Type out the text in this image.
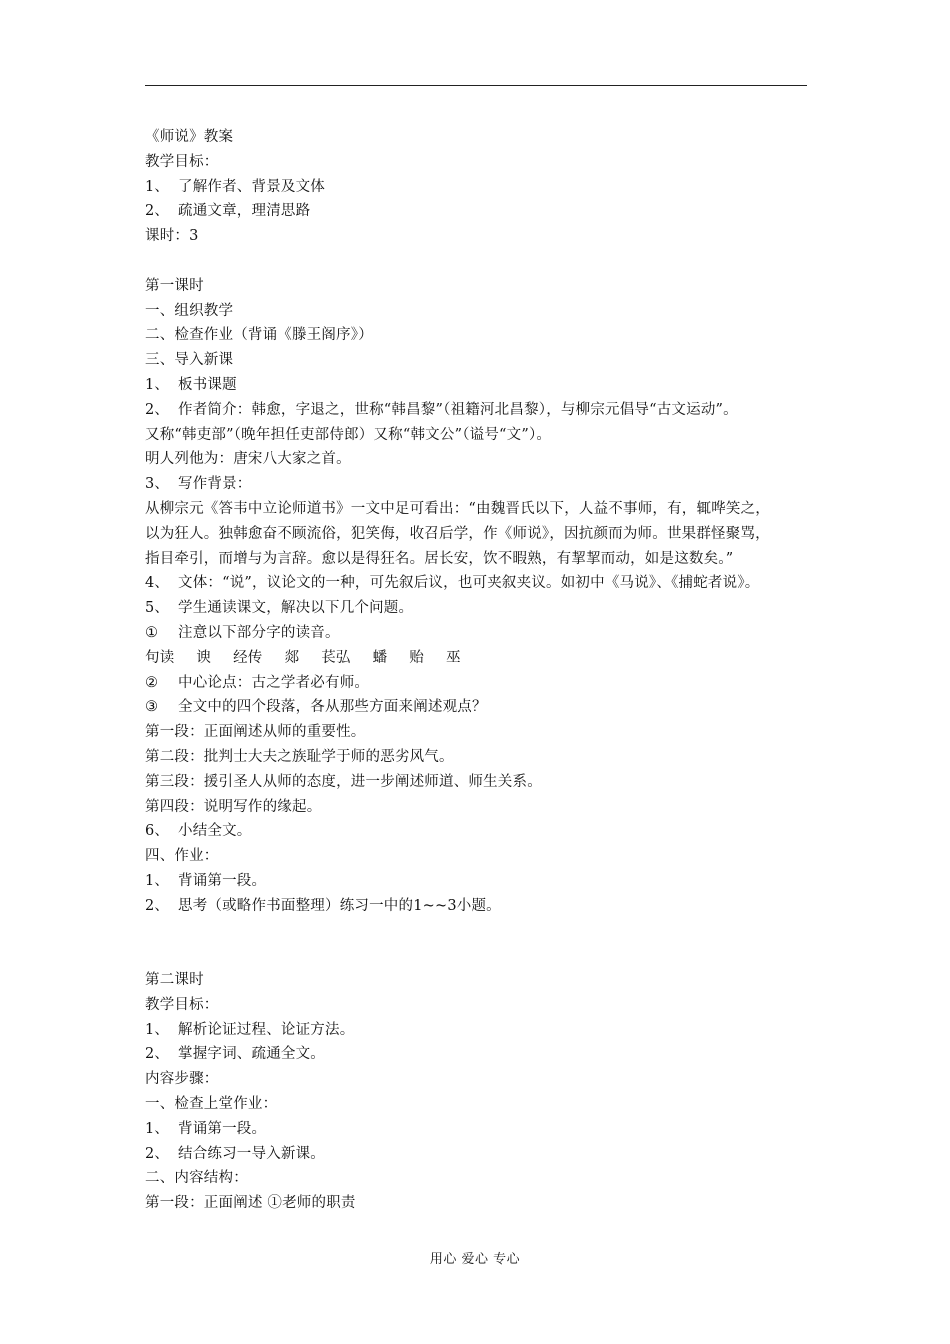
《师说》教案
教学目标：
1、 了解作者、背景及文体
2、 疏通文章，理清思路
课时：3
第一课时
一、组织教学
二、检查作业（背诵《滕王阁序》）
三、导入新课
1、 板书课题
2、 作者简介：韩愈，字退之，世称“韩昌黎”（祖籍河北昌黎），与柳宗元倡导“古文运动”。
又称“韩吏部”（晚年担任吏部侍郎）又称“韩文公”（谥号“文”）。
明人列他为：唐宋八大家之首。
3、 写作背景：
从柳宗元《答韦中立论师道书》一文中足可看出：“由魏晋氏以下，人益不事师，有，辄哗笑之，
以为狂人。独韩愈奋不顾流俗，犯笑侮，收召后学，作《师说》，因抗颜而为师。世果群怪聚骂，
指目牵引，而增与为言辞。愈以是得狂名。居长安，饮不暇熟，有挈挈而动，如是这数矣。”
4、 文体：“说”，议论文的一种，可先叙后议，也可夹叙夹议。如初中《马说》、《捕蛇者说》。
5、 学生通读课文，解决以下几个问题。
① 注意以下部分字的读音。
句读 谀 经传 郯 苌弘 蟠 贻 巫
② 中心论点：古之学者必有师。
③ 全文中的四个段落，各从那些方面来阐述观点？
第一段：正面阐述从师的重要性。
第二段：批判士大夫之族耻学于师的恶劣风气。
第三段：援引圣人从师的态度，进一步阐述师道、师生关系。
第四段：说明写作的缘起。
6、 小结全文。
四、作业：
1、 背诵第一段。
2、 思考（或略作书面整理）练习一中的1~~3小题。
第二课时
教学目标：
1、 解析论证过程、论证方法。
2、 掌握字词、疏通全文。
内容步骤：
一、检查上堂作业：
1、 背诵第一段。
2、 结合练习一导入新课。
二、内容结构：
第一段：正面阐述 ①老师的职责
用心 爱心 专心
